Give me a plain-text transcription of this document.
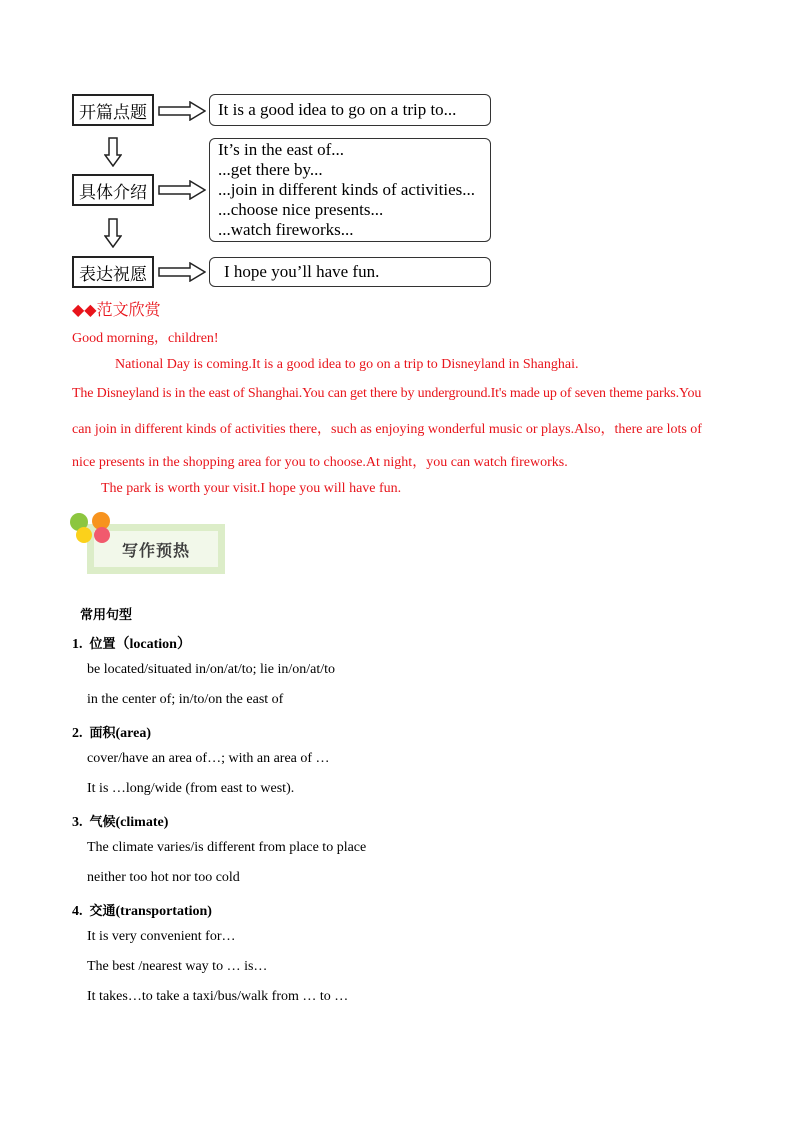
开篇点题	It is a good idea to go on a trip to...
具体介绍
It’s in the east of...
...get there by...
...join in different kinds of activities...
...choose nice presents...
...watch fireworks...
表达祝愿	I hope you’ll have fun.
◆◆范文欣赏
Good morning，children!
National Day is coming.It is a good idea to go on a trip to Disneyland in Shanghai.
The Disneyland is in the east of Shanghai.You can get there by underground.It's made up of seven theme parks.You
can join in different kinds of activities there，such as enjoying wonderful music or plays.Also，there are lots of
nice presents in the shopping area for you to choose.At night，you can watch fireworks.
The park is worth your visit.I hope you will have fun.
写作预热
常用句型
1. 位置（location）
be located/situated in/on/at/to; lie in/on/at/to
in the center of; in/to/on the east of
2. 面积(area)
cover/have an area of…; with an area of …
It is …long/wide (from east to west).
3. 气候(climate)
The climate varies/is different from place to place
neither too hot nor too cold
4. 交通(transportation)
It is very convenient for…
The best /nearest way to … is…
It takes…to take a taxi/bus/walk from … to …
